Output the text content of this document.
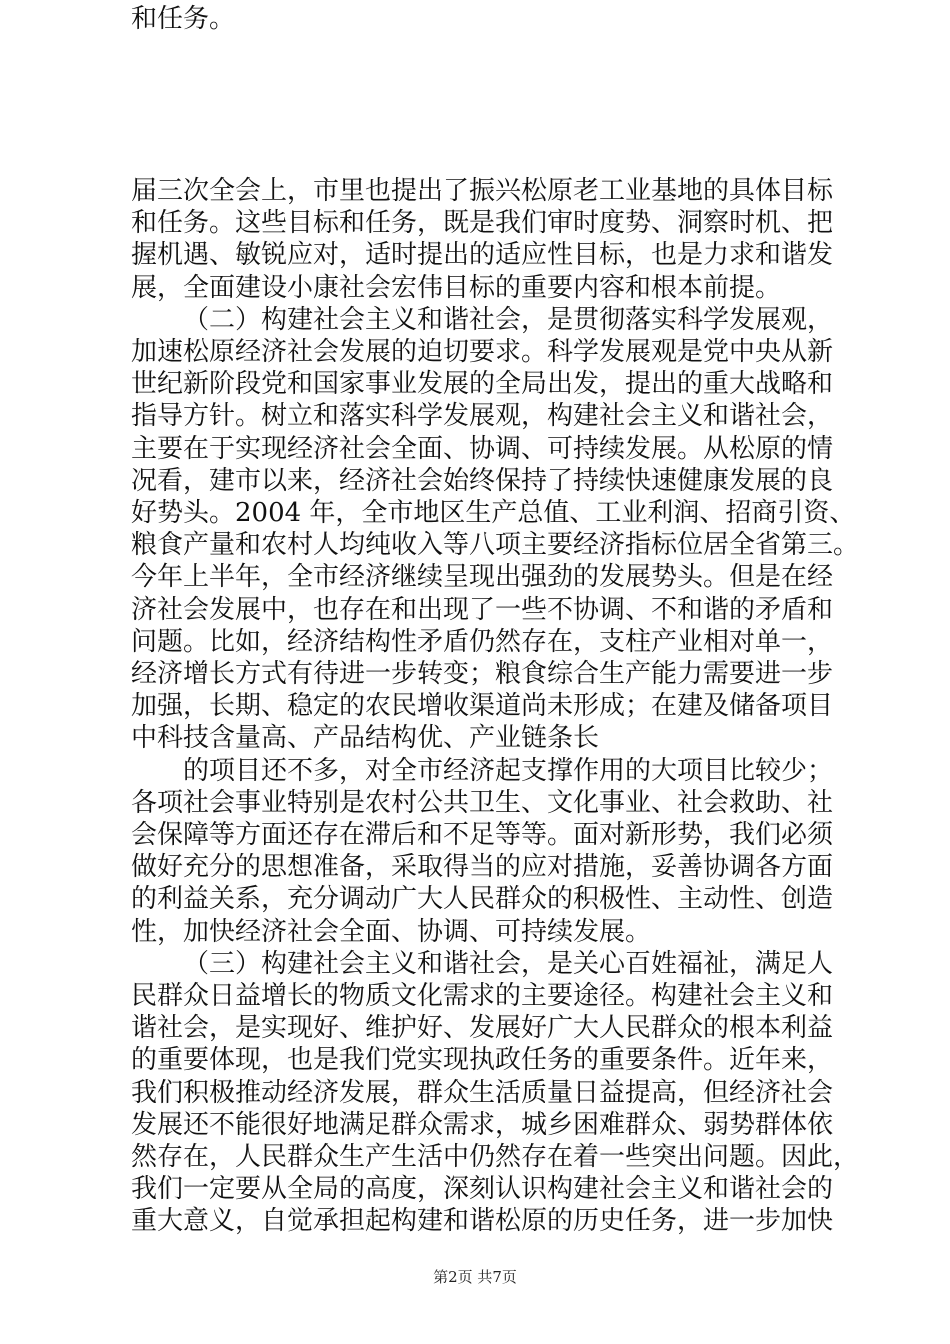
和任务。
届三次全会上，市里也提出了振兴松原老工业基地的具体目标
和任务。这些目标和任务，既是我们审时度势、洞察时机、把
握机遇、敏锐应对，适时提出的适应性目标，也是力求和谐发
展，全面建设小康社会宏伟目标的重要内容和根本前提。
（二）构建社会主义和谐社会，是贯彻落实科学发展观，
加速松原经济社会发展的迫切要求。科学发展观是党中央从新
世纪新阶段党和国家事业发展的全局出发，提出的重大战略和
指导方针。树立和落实科学发展观，构建社会主义和谐社会，
主要在于实现经济社会全面、协调、可持续发展。从松原的情
况看，建市以来，经济社会始终保持了持续快速健康发展的良
好势头。2004 年，全市地区生产总值、工业利润、招商引资、
粮食产量和农村人均纯收入等八项主要经济指标位居全省第三。
今年上半年，全市经济继续呈现出强劲的发展势头。但是在经
济社会发展中，也存在和出现了一些不协调、不和谐的矛盾和
问题。比如，经济结构性矛盾仍然存在，支柱产业相对单一，
经济增长方式有待进一步转变；粮食综合生产能力需要进一步
加强，长期、稳定的农民增收渠道尚未形成；在建及储备项目
中科技含量高、产品结构优、产业链条长
的项目还不多，对全市经济起支撑作用的大项目比较少；
各项社会事业特别是农村公共卫生、文化事业、社会救助、社
会保障等方面还存在滞后和不足等等。面对新形势，我们必须
做好充分的思想准备，采取得当的应对措施，妥善协调各方面
的利益关系，充分调动广大人民群众的积极性、主动性、创造
性，加快经济社会全面、协调、可持续发展。
（三）构建社会主义和谐社会，是关心百姓福祉，满足人
民群众日益增长的物质文化需求的主要途径。构建社会主义和
谐社会，是实现好、维护好、发展好广大人民群众的根本利益
的重要体现，也是我们党实现执政任务的重要条件。近年来，
我们积极推动经济发展，群众生活质量日益提高，但经济社会
发展还不能很好地满足群众需求，城乡困难群众、弱势群体依
然存在，人民群众生产生活中仍然存在着一些突出问题。因此，
我们一定要从全局的高度，深刻认识构建社会主义和谐社会的
第2页 共7页
重大意义，自觉承担起构建和谐松原的历史任务，进一步加快
